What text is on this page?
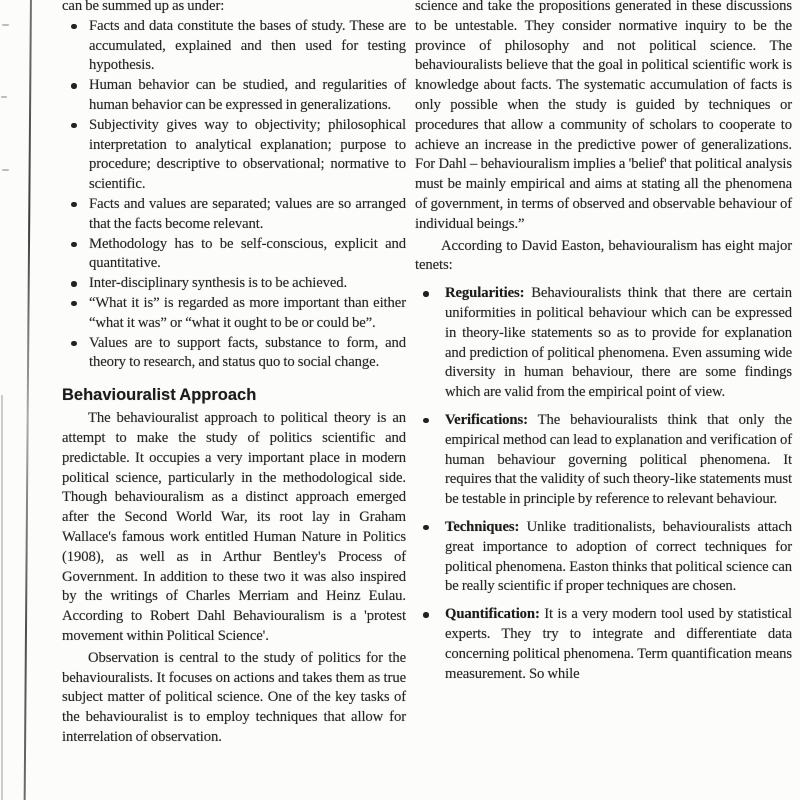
can be summed up as under:

Facts and data constitute the bases of study. These are accumulated, explained and then used for testing hypothesis.
Human behavior can be studied, and regularities of human behavior can be expressed in generalizations.
Subjectivity gives way to objectivity; philosophical interpretation to analytical explanation; purpose to procedure; descriptive to observational; normative to scientific.
Facts and values are separated; values are so arranged that the facts become relevant.
Methodology has to be self-conscious, explicit and quantitative.
Inter-disciplinary synthesis is to be achieved.
“What it is” is regarded as more important than either “what it was” or “what it ought to be or could be”.
Values are to support facts, substance to form, and theory to research, and status quo to social change.
Behaviouralist Approach

The behaviouralist approach to political theory is an attempt to make the study of politics scientific and predictable. It occupies a very important place in modern political science, particularly in the methodological side. Though behaviouralism as a distinct approach emerged after the Second World War, its root lay in Graham Wallace's famous work entitled Human Nature in Politics (1908), as well as in Arthur Bentley's Process of Government. In addition to these two it was also inspired by the writings of Charles Merriam and Heinz Eulau. According to Robert Dahl Behaviouralism is a 'protest movement within Political Science'.

Observation is central to the study of politics for the behaviouralists. It focuses on actions and takes them as true subject matter of political science. One of the key tasks of the behaviouralist is to employ techniques that allow for interrelation of observation.

science and take the propositions generated in these discussions to be untestable. They consider normative inquiry to be the province of philosophy and not political science. The behaviouralists believe that the goal in political scientific work is knowledge about facts. The systematic accumulation of facts is only possible when the study is guided by techniques or procedures that allow a community of scholars to cooperate to achieve an increase in the predictive power of generalizations. For Dahl – behaviouralism implies a 'belief' that political analysis must be mainly empirical and aims at stating all the phenomena of government, in terms of observed and observable behaviour of individual beings.”

According to David Easton, behaviouralism has eight major tenets:

Regularities: Behaviouralists think that there are certain uniformities in political behaviour which can be expressed in theory-like statements so as to provide for explanation and prediction of political phenomena. Even assuming wide diversity in human behaviour, there are some findings which are valid from the empirical point of view.
Verifications: The behaviouralists think that only the empirical method can lead to explanation and verification of human behaviour governing political phenomena. It requires that the validity of such theory-like statements must be testable in principle by reference to relevant behaviour.
Techniques: Unlike traditionalists, behaviouralists attach great importance to adoption of correct techniques for political phenomena. Easton thinks that political science can be really scientific if proper techniques are chosen.
Quantification: It is a very modern tool used by statistical experts. They try to integrate and differentiate data concerning political phenomena. Term quantification means measurement. So while
